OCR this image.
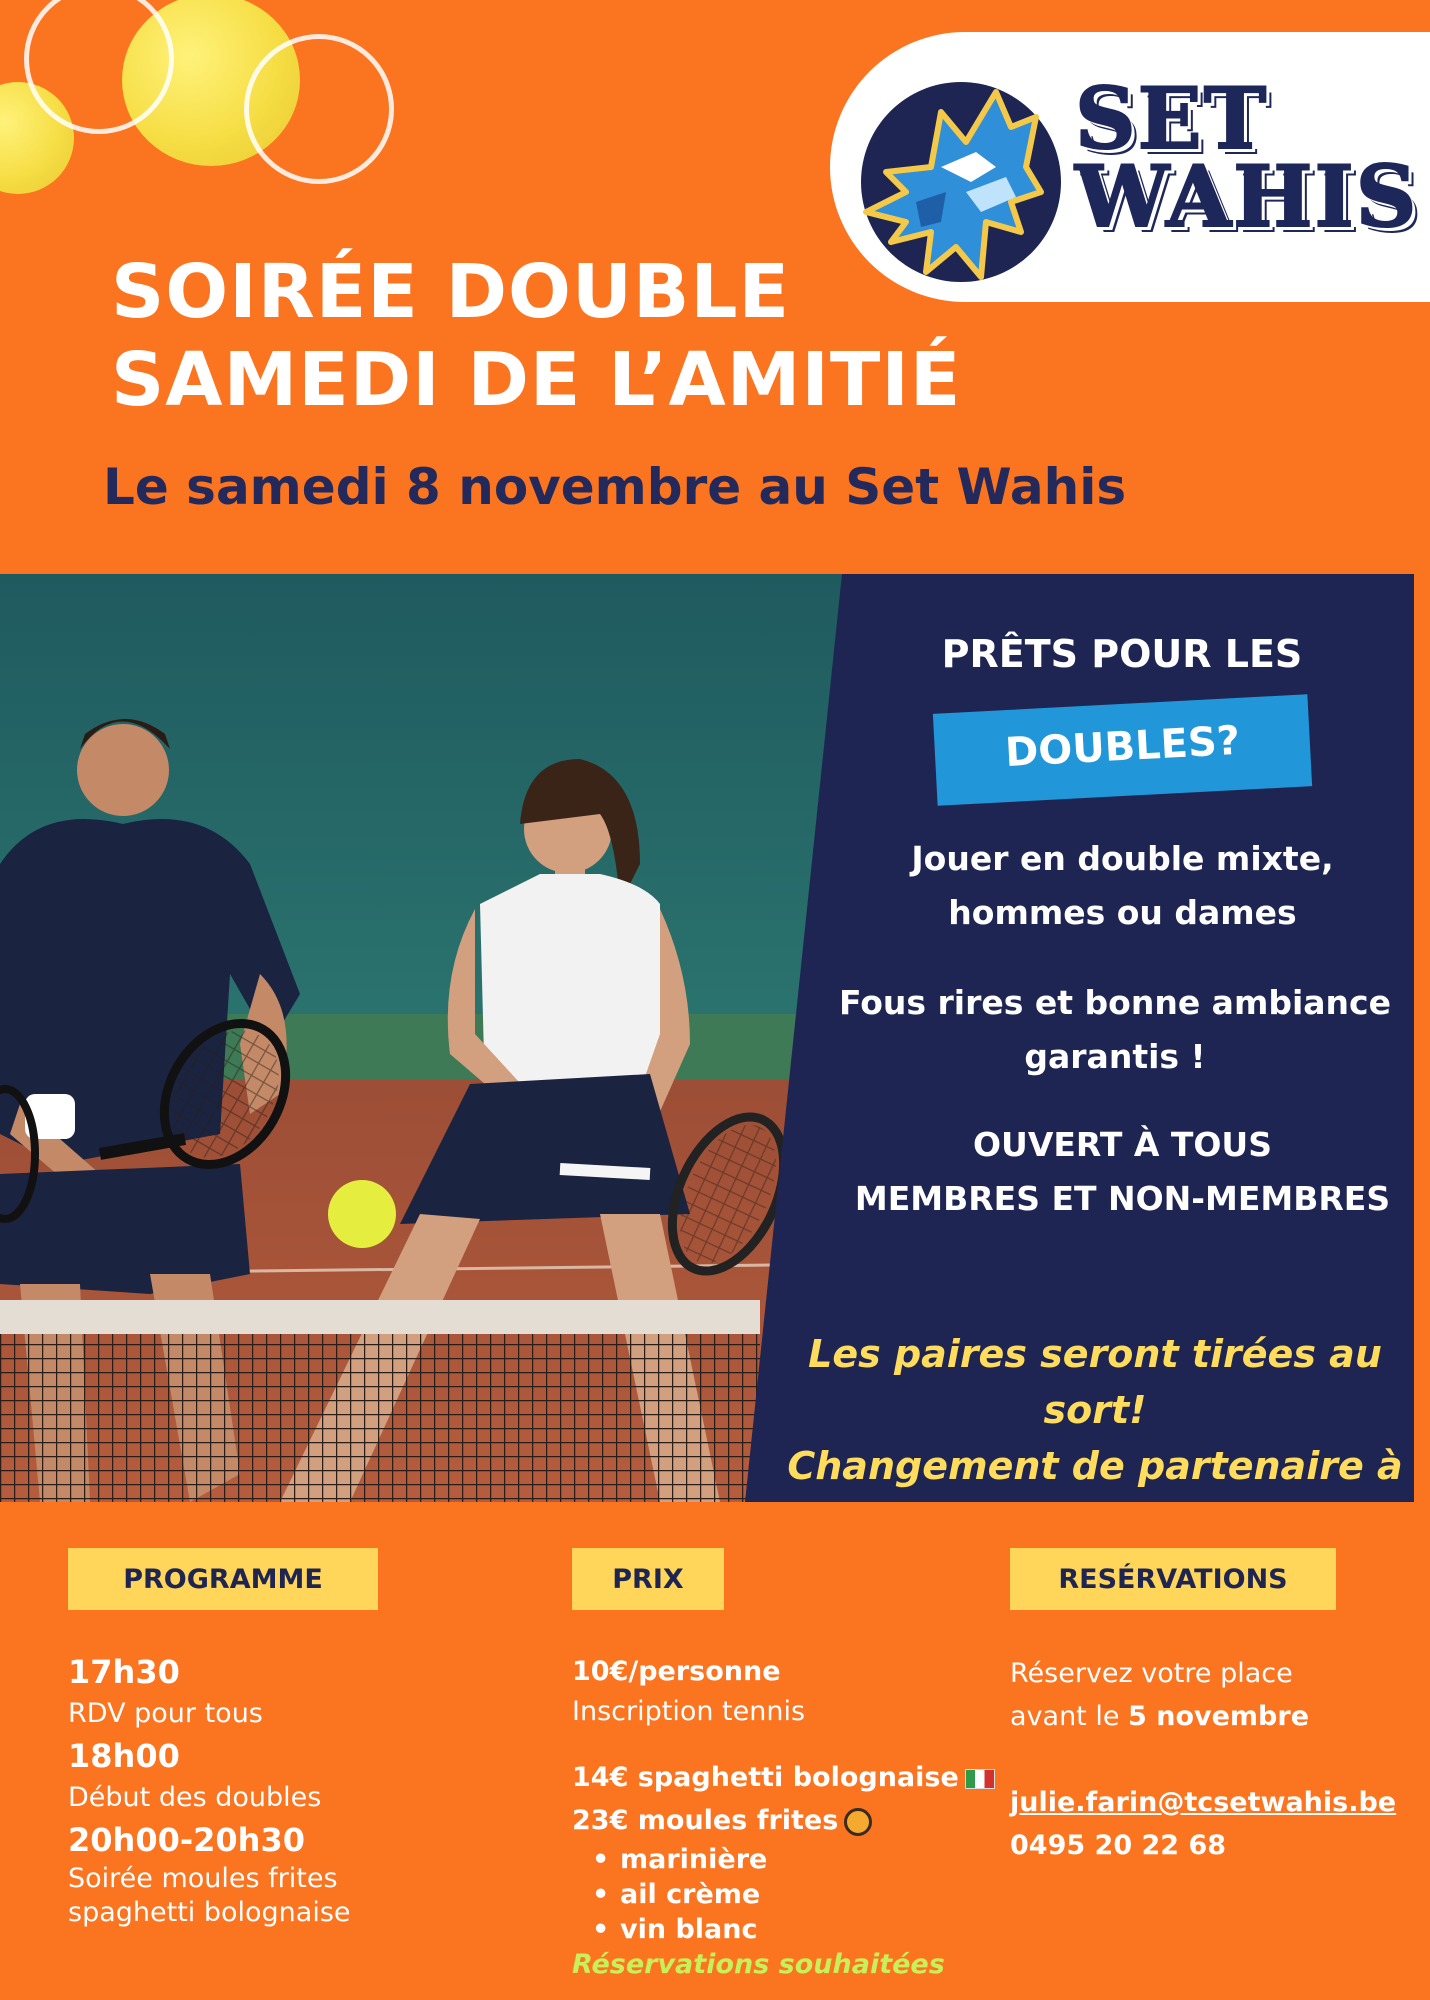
SET
WAHIS
SOIRÉE DOUBLE
SAMEDI DE L’AMITIÉ
Le samedi 8 novembre au Set Wahis
PRÊTS POUR LES
DOUBLES?
Jouer en double mixte, hommes ou dames
Fous rires et bonne ambiance garantis !
OUVERT À TOUS
MEMBRES ET NON-MEMBRES
Les paires seront tirées au sort!
Changement de partenaire à
PROGRAMME
17h30
RDV pour tous
18h00
Début des doubles
20h00-20h30
Soirée moules frites
spaghetti bolognaise
PRIX
10€/personne
Inscription tennis
14€ spaghetti bolognaise
23€ moules frites
• marinière
• ail crème
• vin blanc
Réservations souhaitées
RESÉRVATIONS
Réservez votre place
avant le 5 novembre
julie.farin@tcsetwahis.be
0495 20 22 68
